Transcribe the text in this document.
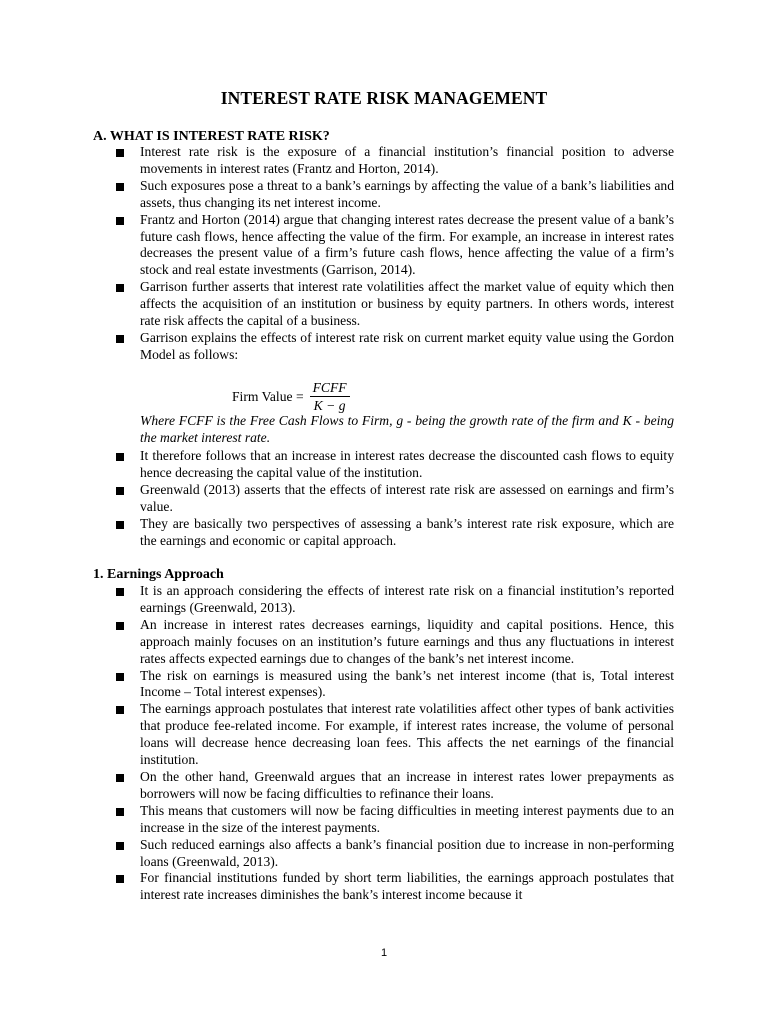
INTEREST RATE RISK MANAGEMENT
A. WHAT IS INTEREST RATE RISK?
Interest rate risk is the exposure of a financial institution’s financial position to adverse movements in interest rates (Frantz and Horton, 2014).
Such exposures pose a threat to a bank’s earnings by affecting the value of a bank’s liabilities and assets, thus changing its net interest income.
Frantz and Horton (2014) argue that changing interest rates decrease the present value of a bank’s future cash flows, hence affecting the value of the firm. For example, an increase in interest rates decreases the present value of a firm’s future cash flows, hence affecting the value of a firm’s stock and real estate investments (Garrison, 2014).
Garrison further asserts that interest rate volatilities affect the market value of equity which then affects the acquisition of an institution or business by equity partners. In others words, interest rate risk affects the capital of a business.
Garrison explains the effects of interest rate risk on current market equity value using the Gordon Model as follows:
Firm Value = $\frac{\text{FCFF}}{K - g}$
Where FCFF is the Free Cash Flows to Firm, g - being the growth rate of the firm and K - being the market interest rate.
It therefore follows that an increase in interest rates decrease the discounted cash flows to equity hence decreasing the capital value of the institution.
Greenwald (2013) asserts that the effects of interest rate risk are assessed on earnings and firm’s value.
They are basically two perspectives of assessing a bank’s interest rate risk exposure, which are the earnings and economic or capital approach.
1. Earnings Approach
It is an approach considering the effects of interest rate risk on a financial institution’s reported earnings (Greenwald, 2013).
An increase in interest rates decreases earnings, liquidity and capital positions. Hence, this approach mainly focuses on an institution’s future earnings and thus any fluctuations in interest rates affects expected earnings due to changes of the bank’s net interest income.
The risk on earnings is measured using the bank’s net interest income (that is, Total interest Income – Total interest expenses).
The earnings approach postulates that interest rate volatilities affect other types of bank activities that produce fee-related income. For example, if interest rates increase, the volume of personal loans will decrease hence decreasing loan fees. This affects the net earnings of the financial institution.
On the other hand, Greenwald argues that an increase in interest rates lower prepayments as borrowers will now be facing difficulties to refinance their loans.
This means that customers will now be facing difficulties in meeting interest payments due to an increase in the size of the interest payments.
Such reduced earnings also affects a bank’s financial position due to increase in non-performing loans (Greenwald, 2013).
For financial institutions funded by short term liabilities, the earnings approach postulates that interest rate increases diminishes the bank’s interest income because it
1
